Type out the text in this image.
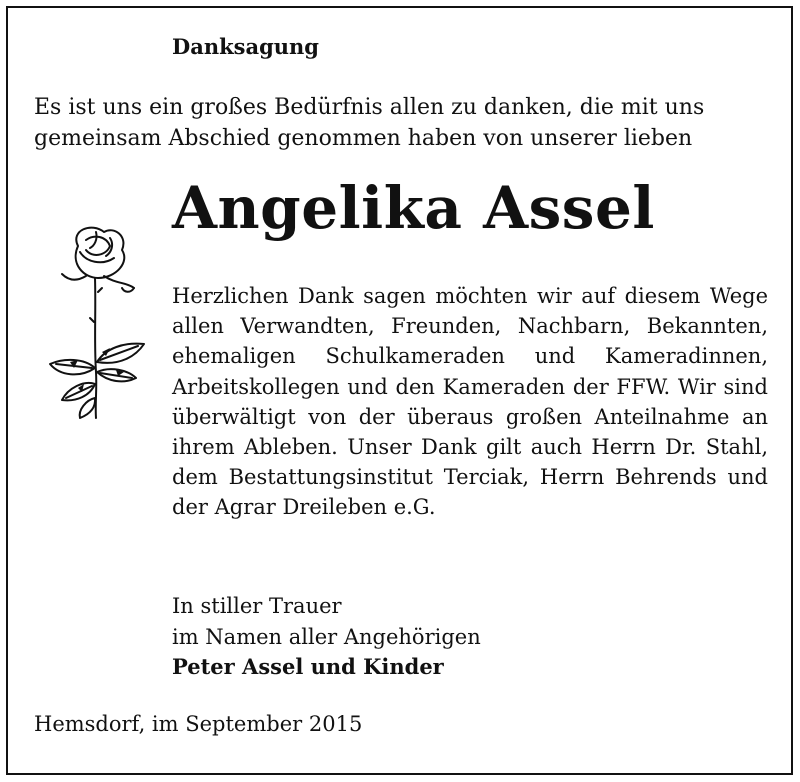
Danksagung
Es ist uns ein großes Bedürfnis allen zu danken, die mit uns
gemeinsam Abschied genommen haben von unserer lieben
Angelika Assel
Herzlichen Dank sagen möchten wir auf diesem Wege allen Verwandten, Freunden, Nachbarn, Bekannten, ehemaligen Schulkameraden und Kameradinnen, Arbeitskollegen und den Kameraden der FFW. Wir sind überwältigt von der überaus großen Anteilnahme an ihrem Ableben. Unser Dank gilt auch Herrn Dr. Stahl, dem Bestattungsinstitut Terciak, Herrn Behrends und der Agrar Dreileben e.G.
In stiller Trauer
im Namen aller Angehörigen
Peter Assel und Kinder
Hemsdorf, im September 2015
